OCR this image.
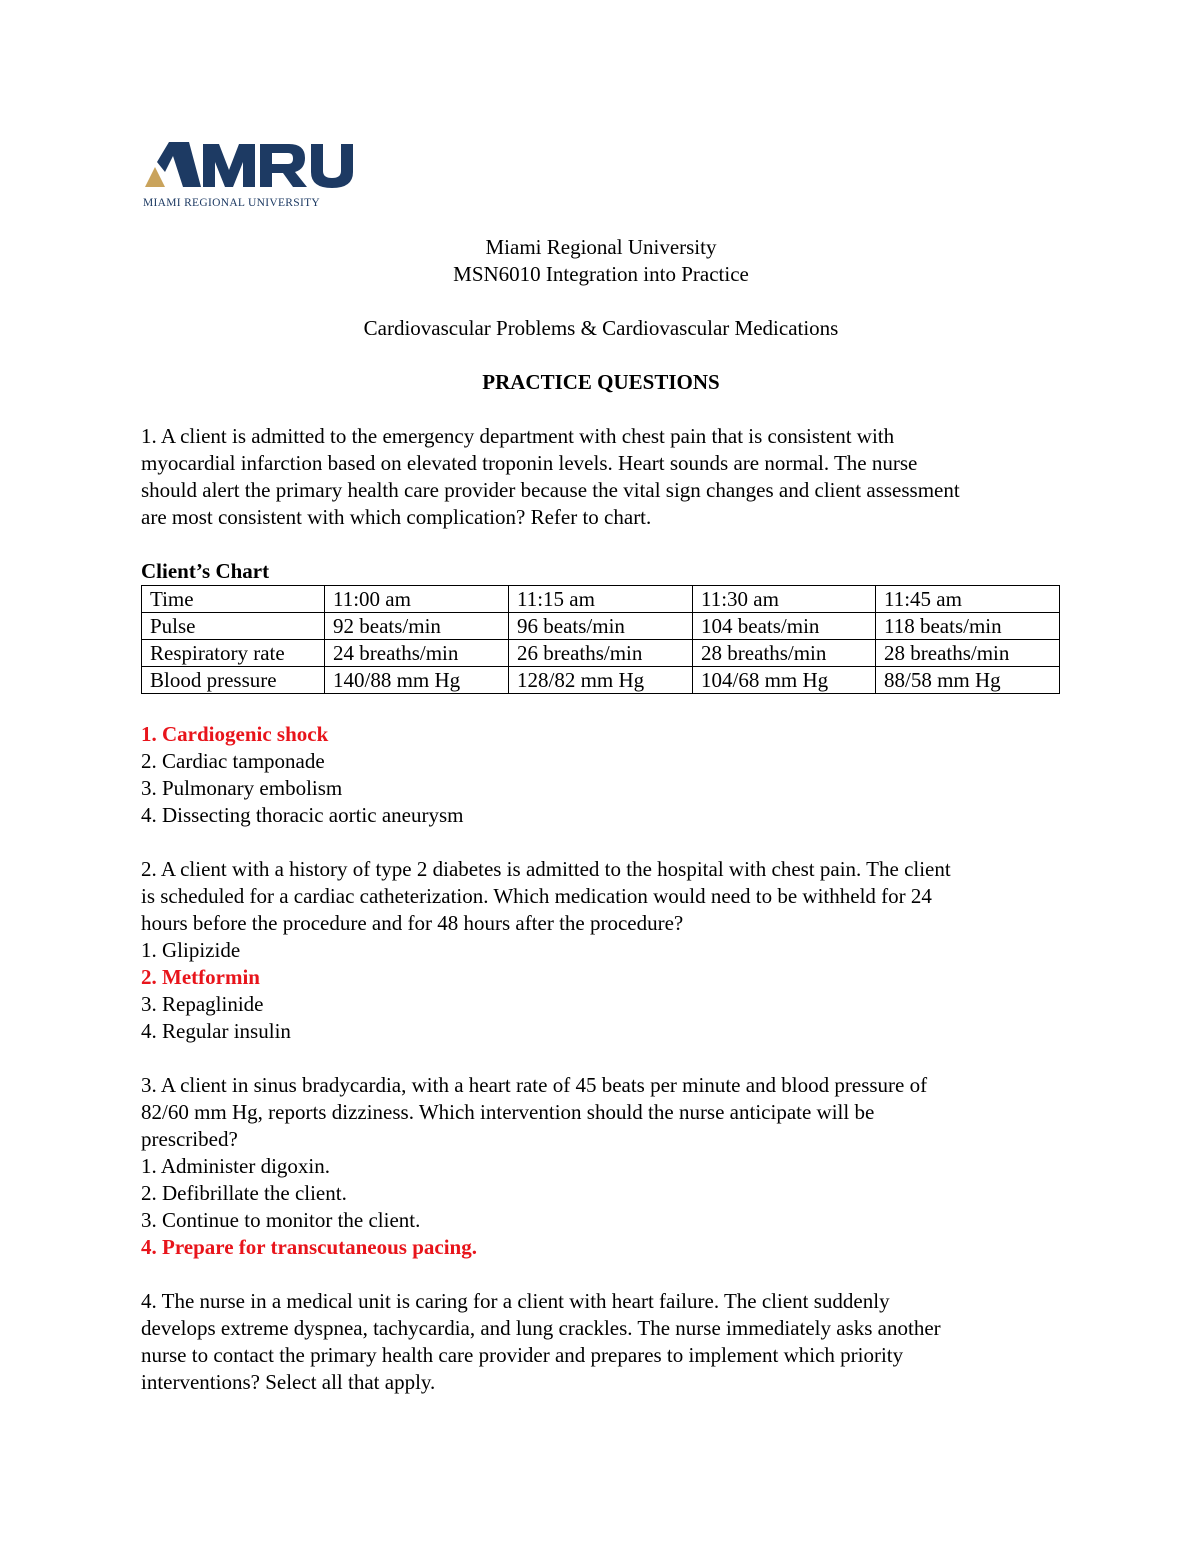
MIAMI REGIONAL UNIVERSITY

Miami Regional University

MSN6010 Integration into Practice

Cardiovascular Problems & Cardiovascular Medications

PRACTICE QUESTIONS

1. A client is admitted to the emergency department with chest pain that is consistent with

myocardial infarction based on elevated troponin levels. Heart sounds are normal. The nurse

should alert the primary health care provider because the vital sign changes and client assessment

are most consistent with which complication? Refer to chart.

Client’s Chart

Time	11:00 am	11:15 am	11:30 am	11:45 am
Pulse	92 beats/min	96 beats/min	104 beats/min	118 beats/min
Respiratory rate	24 breaths/min	26 breaths/min	28 breaths/min	28 breaths/min
Blood pressure	140/88 mm Hg	128/82 mm Hg	104/68 mm Hg	88/58 mm Hg

1. Cardiogenic shock

2. Cardiac tamponade

3. Pulmonary embolism

4. Dissecting thoracic aortic aneurysm

2. A client with a history of type 2 diabetes is admitted to the hospital with chest pain. The client

is scheduled for a cardiac catheterization. Which medication would need to be withheld for 24

hours before the procedure and for 48 hours after the procedure?

1. Glipizide

2. Metformin

3. Repaglinide

4. Regular insulin

3. A client in sinus bradycardia, with a heart rate of 45 beats per minute and blood pressure of

82/60 mm Hg, reports dizziness. Which intervention should the nurse anticipate will be

prescribed?

1. Administer digoxin.

2. Defibrillate the client.

3. Continue to monitor the client.

4. Prepare for transcutaneous pacing.

4. The nurse in a medical unit is caring for a client with heart failure. The client suddenly

develops extreme dyspnea, tachycardia, and lung crackles. The nurse immediately asks another

nurse to contact the primary health care provider and prepares to implement which priority

interventions? Select all that apply.
